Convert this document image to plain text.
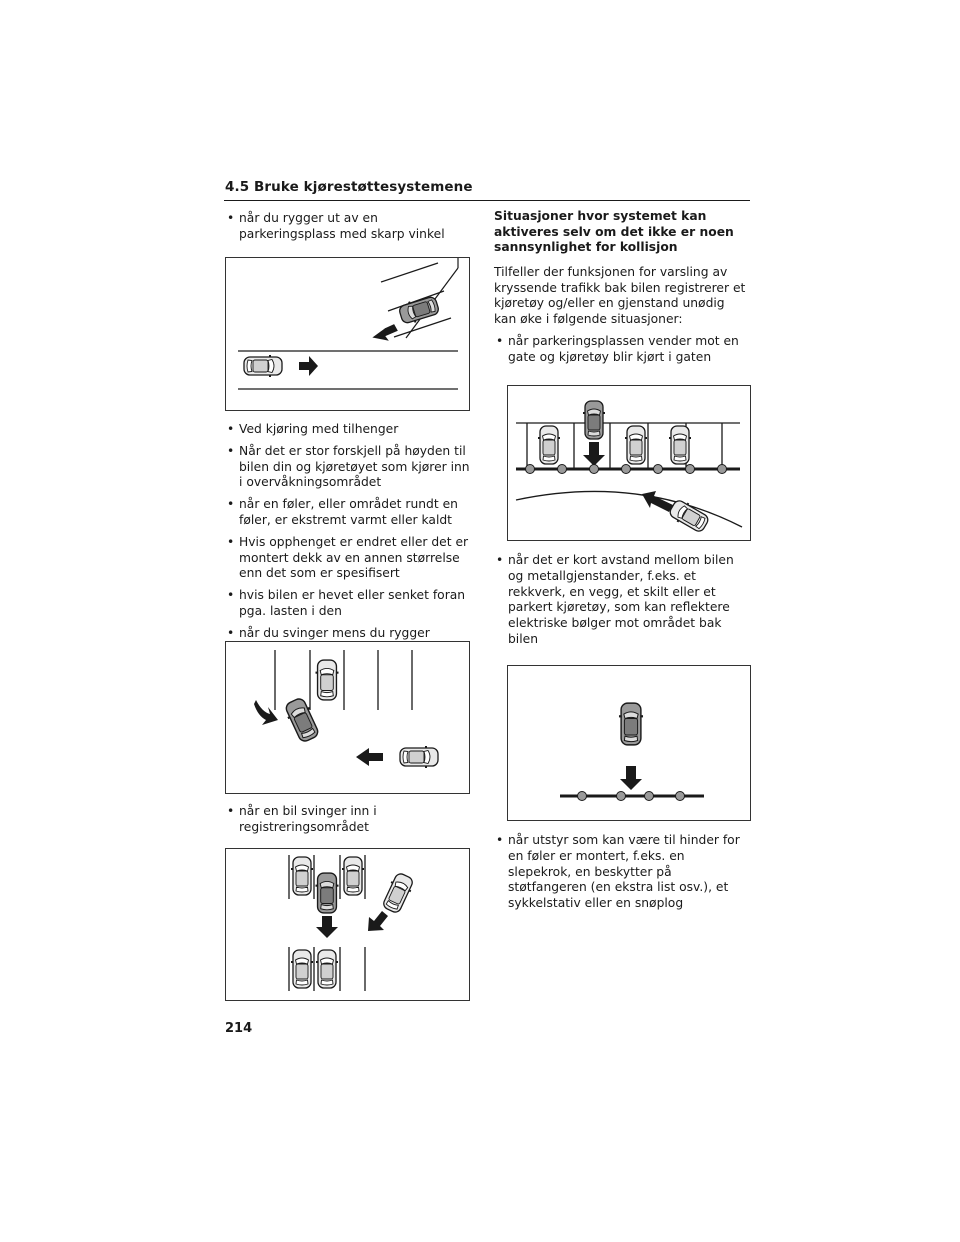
4.5 Bruke kjørestøttesystemene
• når du rygger ut av en parkeringsplass med skarp vinkel
• Ved kjøring med tilhenger
• Når det er stor forskjell på høyden til bilen din og kjøretøyet som kjører inn i overvåkningsområdet
• når en føler, eller området rundt en føler, er ekstremt varmt eller kaldt
• Hvis opphenget er endret eller det er montert dekk av en annen størrelse enn det som er spesifisert
• hvis bilen er hevet eller senket foran pga. lasten i den
• når du svinger mens du rygger
• når en bil svinger inn i registreringsområdet
Situasjoner hvor systemet kan aktiveres selv om det ikke er noen sannsynlighet for kollisjon
Tilfeller der funksjonen for varsling av kryssende trafikk bak bilen registrerer et kjøretøy og/eller en gjenstand unødig kan øke i følgende situasjoner:
• når parkeringsplassen vender mot en gate og kjøretøy blir kjørt i gaten
• når det er kort avstand mellom bilen og metallgjenstander, f.eks. et rekkverk, en vegg, et skilt eller et parkert kjøretøy, som kan reflektere elektriske bølger mot området bak bilen
• når utstyr som kan være til hinder for en føler er montert, f.eks. en slepekrok, en beskytter på støtfangeren (en ekstra list osv.), et sykkelstativ eller en snøplog
214
